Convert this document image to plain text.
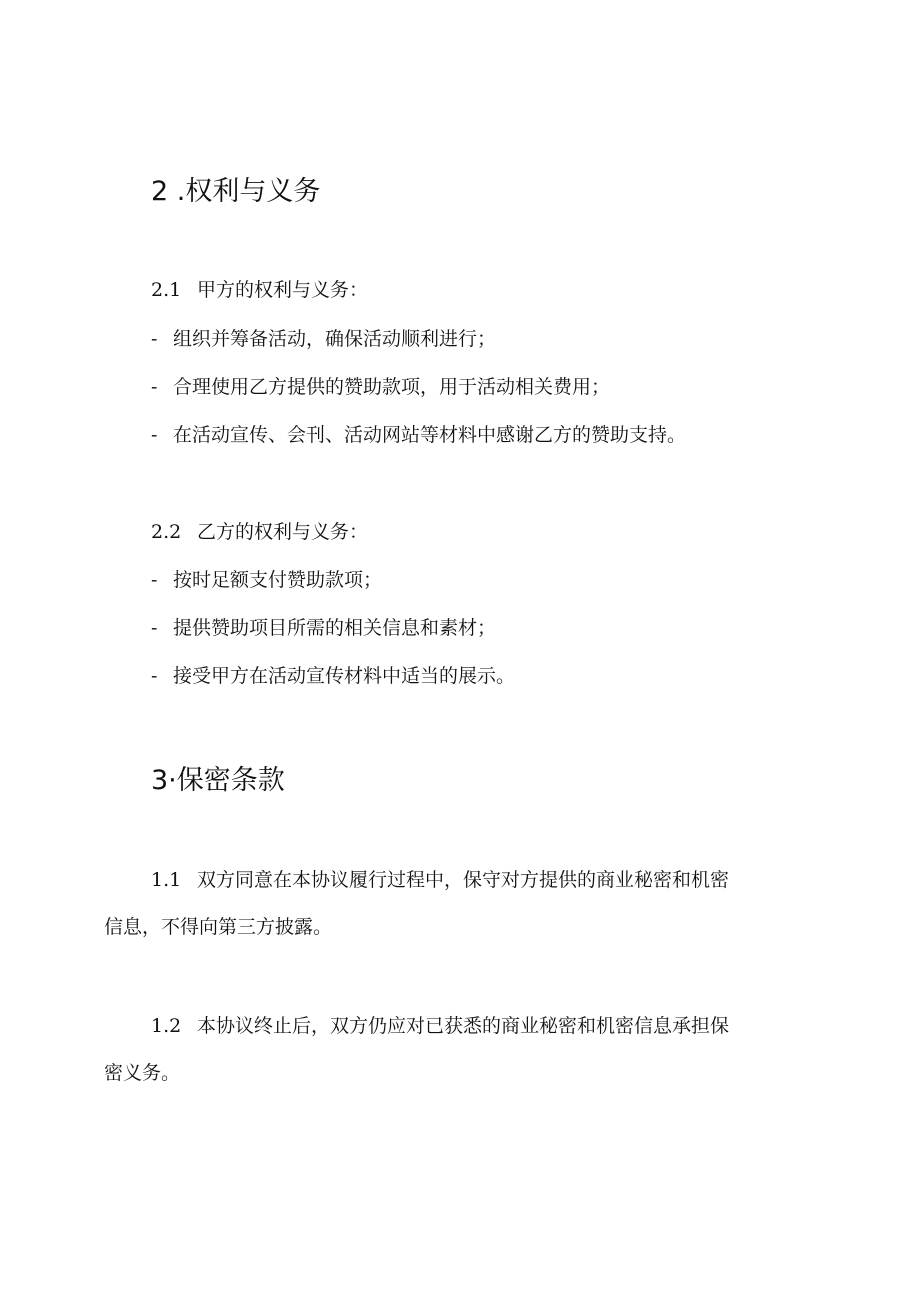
2 .权利与义务
2.1 甲方的权利与义务：
- 组织并筹备活动，确保活动顺利进行；
- 合理使用乙方提供的赞助款项，用于活动相关费用；
- 在活动宣传、会刊、活动网站等材料中感谢乙方的赞助支持。
2.2 乙方的权利与义务：
- 按时足额支付赞助款项；
- 提供赞助项目所需的相关信息和素材；
- 接受甲方在活动宣传材料中适当的展示。
3·保密条款
1.1 双方同意在本协议履行过程中，保守对方提供的商业秘密和机密
信息，不得向第三方披露。
1.2 本协议终止后，双方仍应对已获悉的商业秘密和机密信息承担保
密义务。
